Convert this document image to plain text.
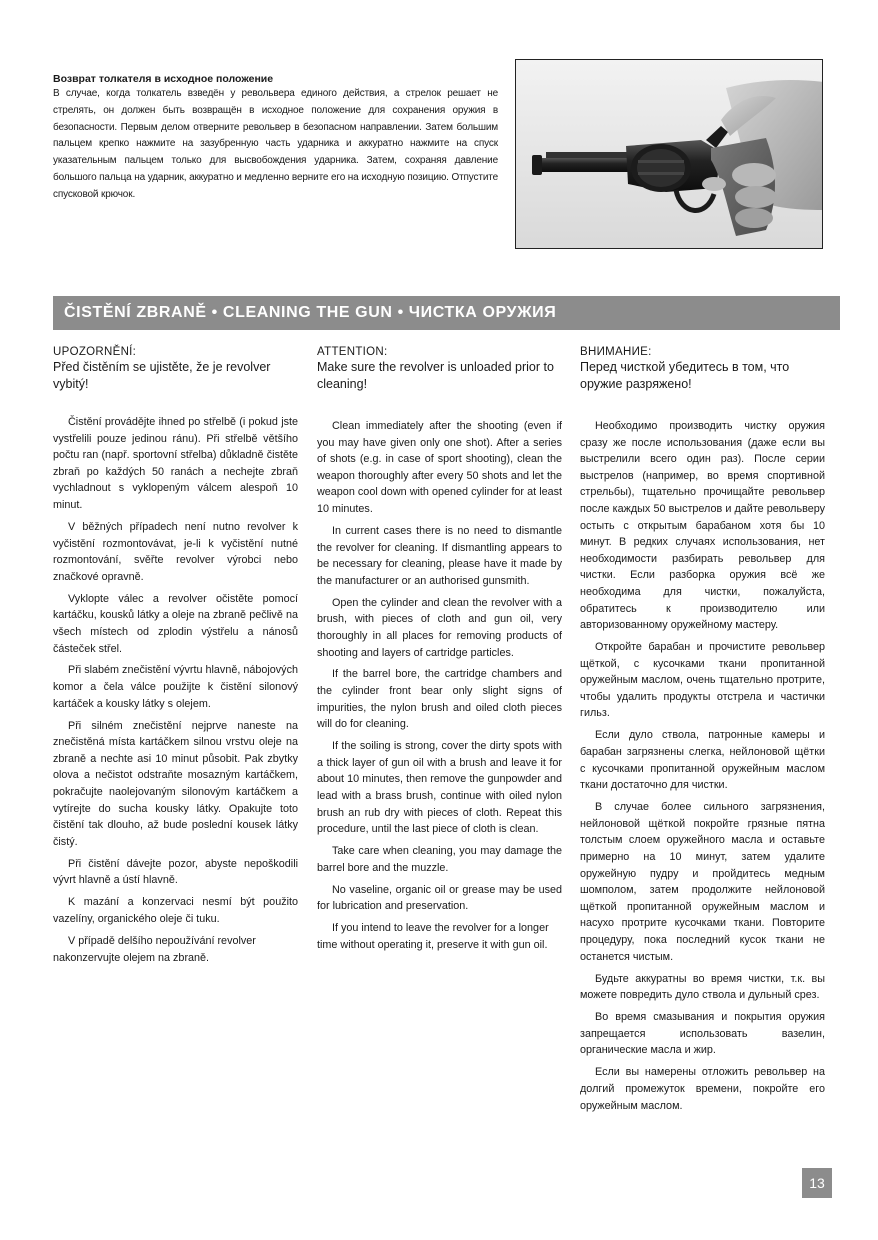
Возврат толкателя в исходное положение

В случае, когда толкатель взведён у револьвера единого действия, а стрелок решает не стрелять, он должен быть возвращён в исходное положение для сохранения оружия в безопасности. Первым делом отверните револьвер в безопасном направлении. Затем большим пальцем крепко нажмите на зазубренную часть ударника и аккуратно нажмите на спуск указательным пальцем только для высвобождения ударника. Затем, сохраняя давление большого пальца на ударник, аккуратно и медленно верните его на исходную позицию. Отпустите спусковой крючок.

ČISTĚNÍ ZBRANĚ • CLEANING THE GUN • ЧИСТКА ОРУЖИЯ

UPOZORNĚNÍ:

Před čistěním se ujistěte, že je revolver vybitý!

Čistění provádějte ihned po střelbě (i pokud jste vystřelili pouze jedinou ránu). Při střelbě většího počtu ran (např. sportovní střelba) důkladně čistěte zbraň po každých 50 ranách a nechejte zbraň vychladnout s vyklopeným válcem alespoň 10 minut.

V běžných případech není nutno revolver k vyčistění rozmontovávat, je-li k vyčistění nutné rozmontování, svěřte revolver výrobci nebo značkové opravně.

Vyklopte válec a revolver očistěte pomocí kartáčku, kousků látky a oleje na zbraně pečlivě na všech místech od zplodin výstřelu a nánosů částeček střel.

Při slabém znečistění vývrtu hlavně, nábojových komor a čela válce použijte k čistění silonový kartáček a kousky látky s olejem.

Při silném znečistění nejprve naneste na znečistěná místa kartáčkem silnou vrstvu oleje na zbraně a nechte asi 10 minut působit. Pak zbytky olova a nečistot odstraňte mosazným kartáčkem, pokračujte naolejovaným silonovým kartáčkem a vytírejte do sucha kousky látky. Opakujte toto čistění tak dlouho, až bude poslední kousek látky čistý.

Při čistění dávejte pozor, abyste nepoškodili vývrt hlavně a ústí hlavně.

K mazání a konzervaci nesmí být použito vazelíny, organického oleje či tuku.

V případě delšího nepoužívání revolver nakonzervujte olejem na zbraně.

ATTENTION:

Make sure the revolver is unloaded prior to cleaning!

Clean immediately after the shooting (even if you may have given only one shot). After a series of shots (e.g. in case of sport shooting), clean the weapon thoroughly after every 50 shots and let the weapon cool down with opened cylinder for at least 10 minutes.

In current cases there is no need to dismantle the revolver for cleaning. If dismantling appears to be necessary for cleaning, please have it made by the manufacturer or an authorised gunsmith.

Open the cylinder and clean the revolver with a brush, with pieces of cloth and gun oil, very thoroughly in all places for removing products of shooting and layers of cartridge particles.

If the barrel bore, the cartridge chambers and the cylinder front bear only slight signs of impurities, the nylon brush and oiled cloth pieces will do for cleaning.

If the soiling is strong, cover the dirty spots with a thick layer of gun oil with a brush and leave it for about 10 minutes, then remove the gunpowder and lead with a brass brush, continue with oiled nylon brush an rub dry with pieces of cloth. Repeat this procedure, until the last piece of cloth is clean.

Take care when cleaning, you may damage the barrel bore and the muzzle.

No vaseline, organic oil or grease may be used for lubrication and preservation.

If you intend to leave the revolver for a longer time without operating it, preserve it with gun oil.

ВНИМАНИЕ:

Перед чисткой убедитесь в том, что оружие разряжено!

Необходимо производить чистку оружия сразу же после использования (даже если вы выстрелили всего один раз). После серии выстрелов (например, во время спортивной стрельбы), тщательно прочищайте револьвер после каждых 50 выстрелов и дайте револьверу остыть с открытым барабаном хотя бы 10 минут. В редких случаях использования, нет необходимости разбирать револьвер для чистки. Если разборка оружия всё же необходима для чистки, пожалуйста, обратитесь к производителю или авторизованному оружейному мастеру.

Откройте барабан и прочистите револьвер щёткой, с кусочками ткани пропитанной оружейным маслом, очень тщательно протрите, чтобы удалить продукты отстрела и частички гильз.

Если дуло ствола, патронные камеры и барабан загрязнены слегка, нейлоновой щётки с кусочками пропитанной оружейным маслом ткани достаточно для чистки.

В случае более сильного загрязнения, нейлоновой щёткой покройте грязные пятна толстым слоем оружейного масла и оставьте примерно на 10 минут, затем удалите оружейную пудру и пройдитесь медным шомполом, затем продолжите нейлоновой щёткой пропитанной оружейным маслом и насухо протрите кусочками ткани. Повторите процедуру, пока последний кусок ткани не останется чистым.

Будьте аккуратны во время чистки, т.к. вы можете повредить дуло ствола и дульный срез.

Во время смазывания и покрытия оружия запрещается использовать вазелин, органические масла и жир.

Если вы намерены отложить револьвер на долгий промежуток времени, покройте его оружейным маслом.

13
